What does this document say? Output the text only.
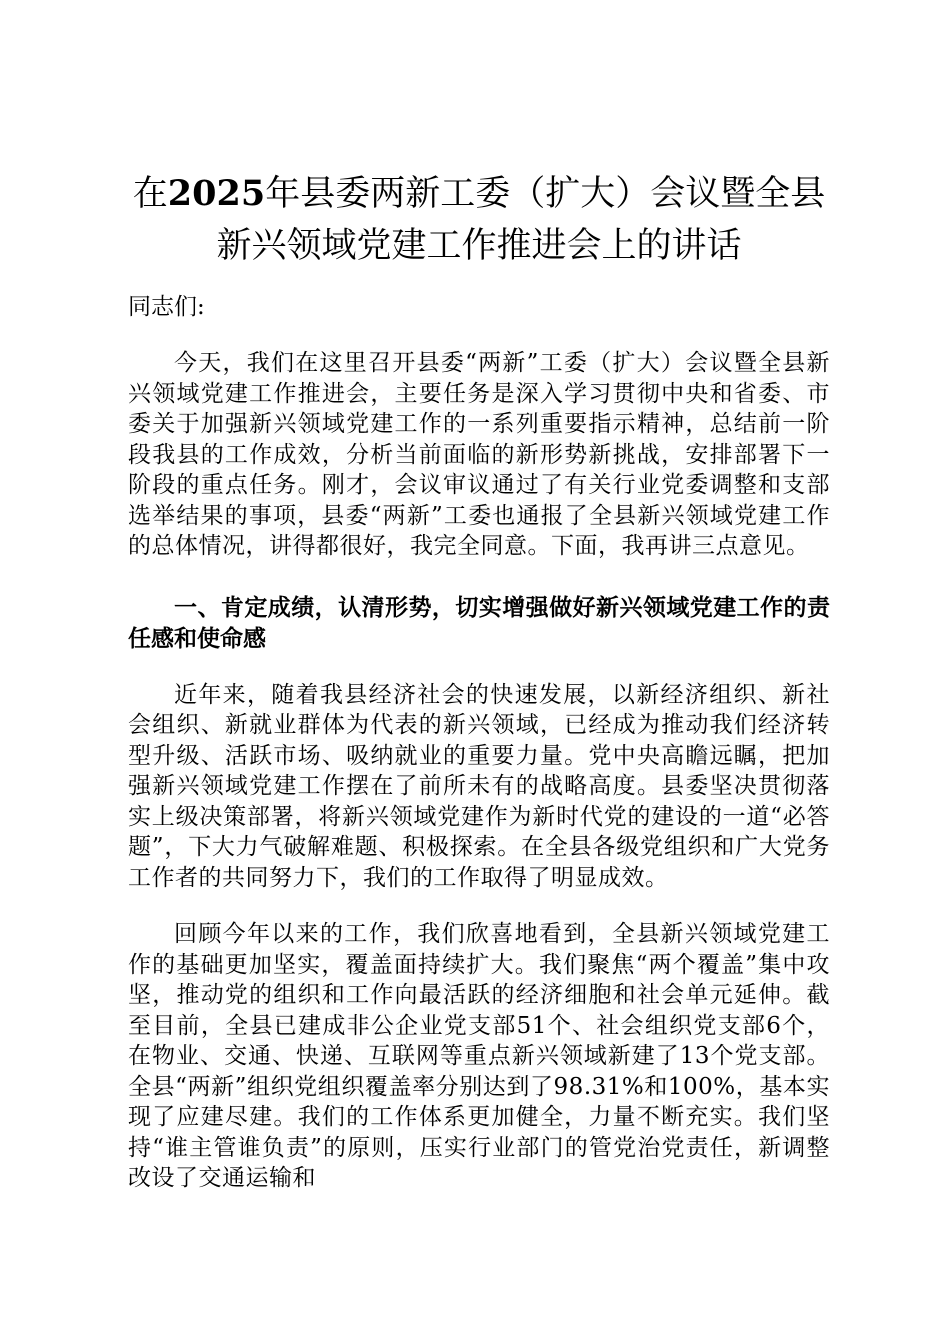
在2025年县委两新工委（扩大）会议暨全县
新兴领域党建工作推进会上的讲话

同志们:

今天，我们在这里召开县委“两新”工委（扩大）会议暨全县新兴领域党建工作推进会，主要任务是深入学习贯彻中央和省委、市委关于加强新兴领域党建工作的一系列重要指示精神，总结前一阶段我县的工作成效，分析当前面临的新形势新挑战，安排部署下一阶段的重点任务。刚才，会议审议通过了有关行业党委调整和支部选举结果的事项，县委“两新”工委也通报了全县新兴领域党建工作的总体情况，讲得都很好，我完全同意。下面，我再讲三点意见。

一、肯定成绩，认清形势，切实增强做好新兴领域党建工作的责任感和使命感

近年来，随着我县经济社会的快速发展，以新经济组织、新社会组织、新就业群体为代表的新兴领域，已经成为推动我们经济转型升级、活跃市场、吸纳就业的重要力量。党中央高瞻远瞩，把加强新兴领域党建工作摆在了前所未有的战略高度。县委坚决贯彻落实上级决策部署，将新兴领域党建作为新时代党的建设的一道“必答题”，下大力气破解难题、积极探索。在全县各级党组织和广大党务工作者的共同努力下，我们的工作取得了明显成效。

回顾今年以来的工作，我们欣喜地看到，全县新兴领域党建工作的基础更加坚实，覆盖面持续扩大。我们聚焦“两个覆盖”集中攻坚，推动党的组织和工作向最活跃的经济细胞和社会单元延伸。截至目前，全县已建成非公企业党支部51个、社会组织党支部6个，在物业、交通、快递、互联网等重点新兴领域新建了13个党支部。全县“两新”组织党组织覆盖率分别达到了98.31%和100%，基本实现了应建尽建。我们的工作体系更加健全，力量不断充实。我们坚持“谁主管谁负责”的原则，压实行业部门的管党治党责任，新调整改设了交通运输和
